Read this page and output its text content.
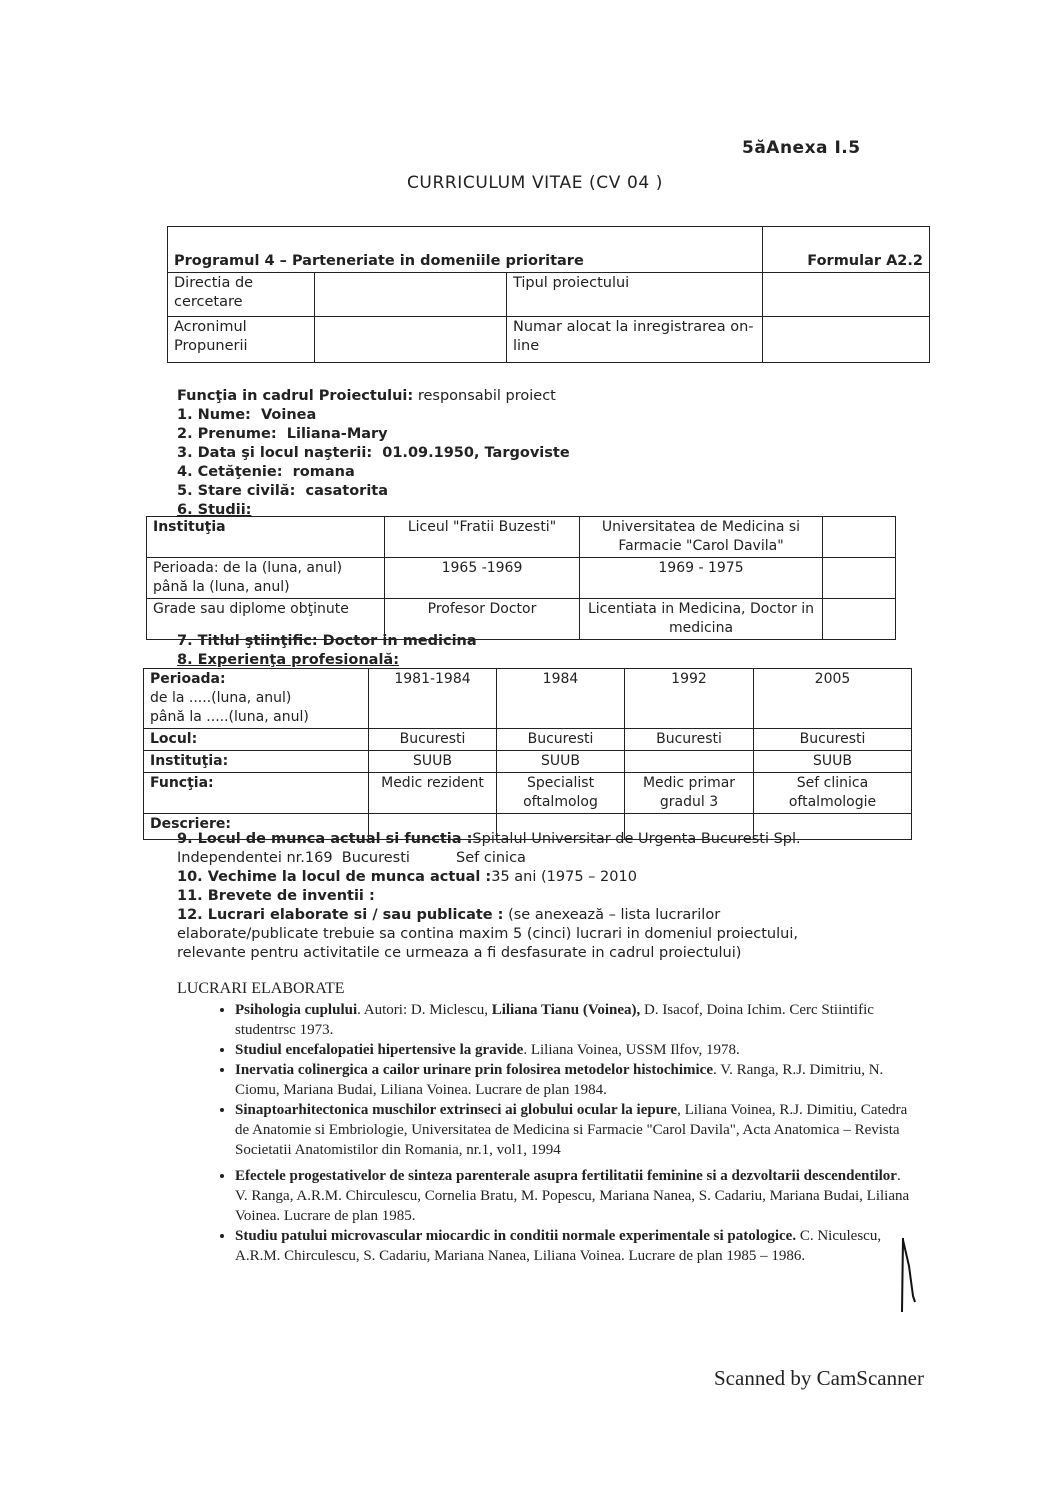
5ăAnexa I.5
CURRICULUM VITAE (CV 04 )
Programul 4 – Parteneriate in domeniile prioritare			Formular A2.2
Directia de cercetare		Tipul proiectului	
Acronimul Propunerii		Numar alocat la inregistrarea on-line	
Funcţia in cadrul Proiectului: responsabil proiect
1. Nume:  Voinea
2. Prenume:  Liliana-Mary
3. Data şi locul naşterii:  01.09.1950, Targoviste
4. Cetăţenie:  romana
5. Stare civilă:  casatorita
6. Studii:
Instituţia	Liceul "Fratii Buzesti"	Universitatea de Medicina si Farmacie "Carol Davila"	
Perioada: de la (luna, anul) până la (luna, anul)	1965 -1969	1969 - 1975	
Grade sau diplome obţinute	Profesor Doctor	Licentiata in Medicina, Doctor in medicina	
7. Titlul ştiinţific: Doctor in medicina
8. Experienţa profesională:
Perioada:
de la .....(luna, anul)
până la .....(luna, anul)	1981-1984	1984	1992	2005
Locul:	Bucuresti	Bucuresti	Bucuresti	Bucuresti
Instituţia:	SUUB	SUUB		SUUB
Funcţia:	Medic rezident	Specialist oftalmolog	Medic primar gradul 3	Sef clinica oftalmologie
Descriere:				
9. Locul de munca actual si functia :Spitalul Universitar de Urgenta Bucuresti Spl.
Independentei nr.169  Bucuresti          Sef cinica
10. Vechime la locul de munca actual :35 ani (1975 – 2010
11. Brevete de inventii :
12. Lucrari elaborate si / sau publicate : (se anexează – lista lucrarilor
elaborate/publicate trebuie sa contina maxim 5 (cinci) lucrari in domeniul proiectului,
relevante pentru activitatile ce urmeaza a fi desfasurate in cadrul proiectului)
LUCRARI ELABORATE
• Psihologia cuplului. Autori: D. Miclescu, Liliana Tianu (Voinea), D. Isacof, Doina Ichim. Cerc Stiintific studentrsc 1973.
• Studiul encefalopatiei hipertensive la gravide. Liliana Voinea, USSM Ilfov, 1978.
• Inervatia colinergica a cailor urinare prin folosirea metodelor histochimice. V. Ranga, R.J. Dimitriu, N. Ciomu, Mariana Budai, Liliana Voinea. Lucrare de plan 1984.
• Sinaptoarhitectonica muschilor extrinseci ai globului ocular la iepure, Liliana Voinea, R.J. Dimitiu, Catedra de Anatomie si Embriologie, Universitatea de Medicina si Farmacie "Carol Davila", Acta Anatomica – Revista Societatii Anatomistilor din Romania, nr.1, vol1, 1994
• Efectele progestativelor de sinteza parenterale asupra fertilitatii feminine si a dezvoltarii descendentilor. V. Ranga, A.R.M. Chirculescu, Cornelia Bratu, M. Popescu, Mariana Nanea, S. Cadariu, Mariana Budai, Liliana Voinea. Lucrare de plan 1985.
• Studiu patului microvascular miocardic in conditii normale experimentale si patologice. C. Niculescu, A.R.M. Chirculescu, S. Cadariu, Mariana Nanea, Liliana Voinea. Lucrare de plan 1985 – 1986.
Scanned by CamScanner
